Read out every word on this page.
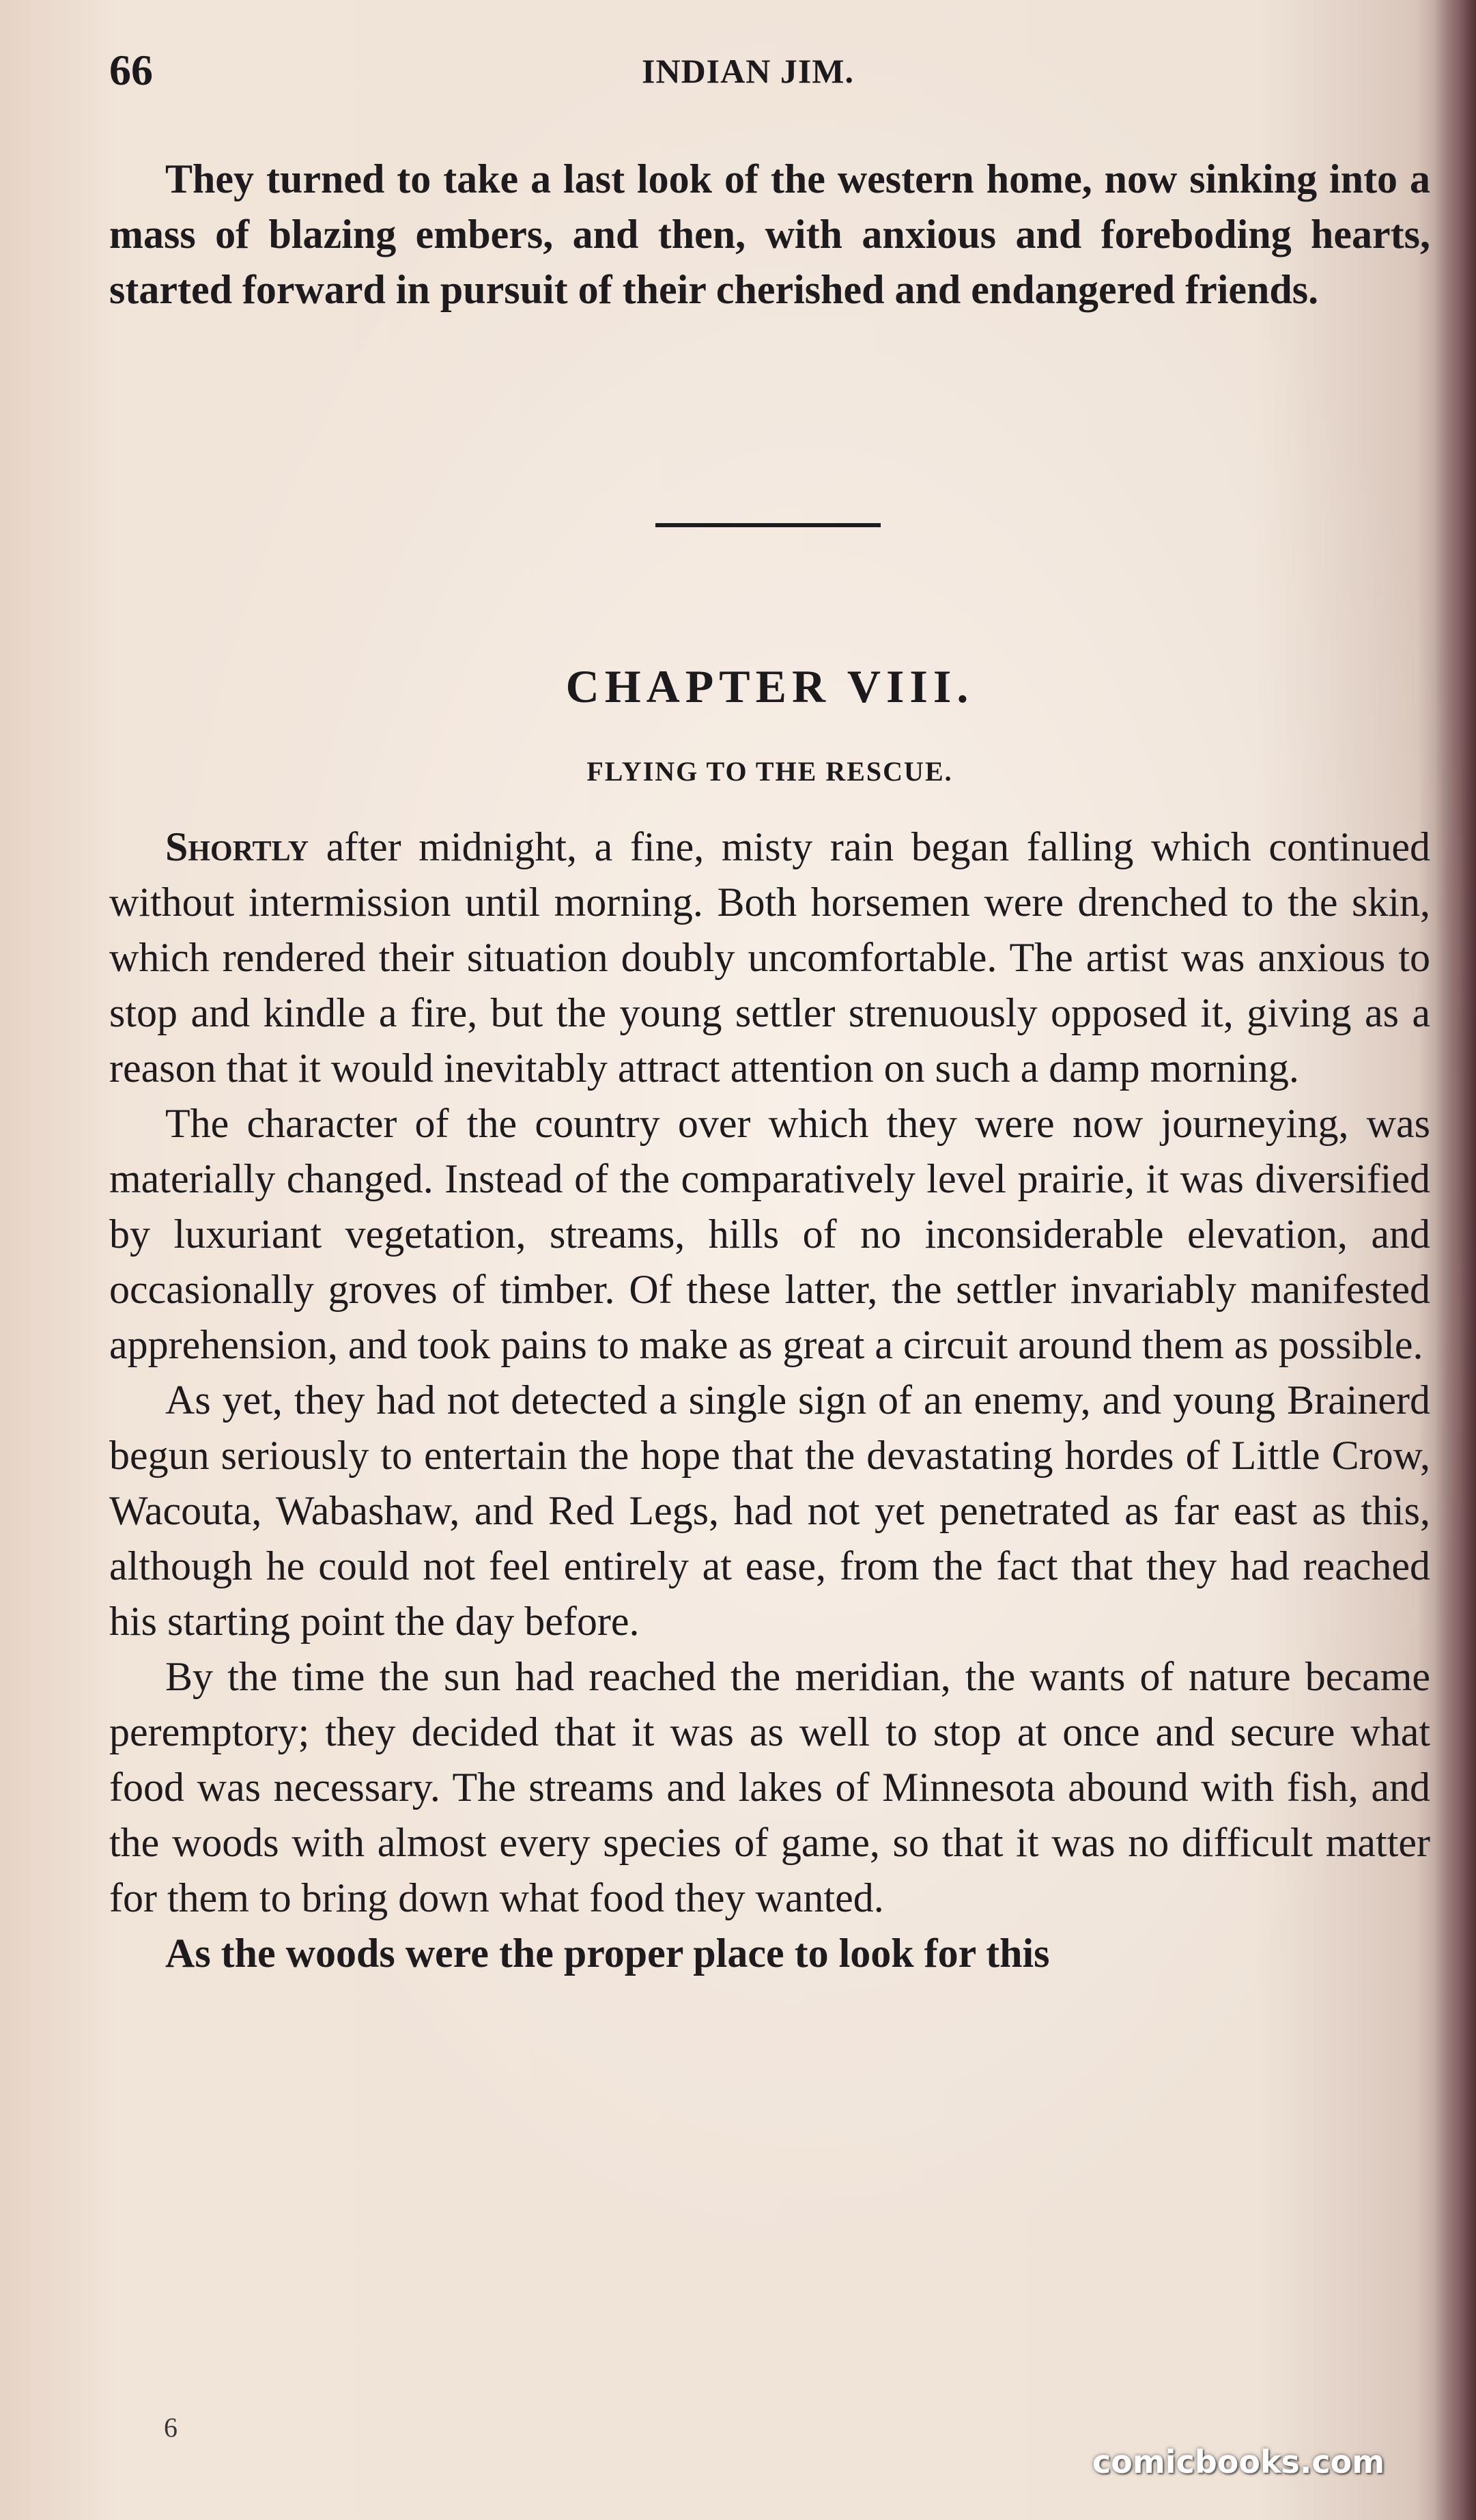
66	INDIAN JIM.

They turned to take a last look of the western home, now sinking into a mass of blazing embers, and then, with anxious and foreboding hearts, started forward in pursuit of their cherished and endangered friends.

CHAPTER VIII.
FLYING TO THE RESCUE.

Shortly after midnight, a fine, misty rain began falling which continued without intermission until morning. Both horsemen were drenched to the skin, which rendered their situation doubly uncomfortable. The artist was anxious to stop and kindle a fire, but the young settler strenuously opposed it, giving as a reason that it would inevitably attract attention on such a damp morning.

The character of the country over which they were now journeying, was materially changed. Instead of the comparatively level prairie, it was diversified by luxuriant vegetation, streams, hills of no inconsiderable elevation, and occasionally groves of timber. Of these latter, the settler invariably manifested apprehension, and took pains to make as great a circuit around them as possible.

As yet, they had not detected a single sign of an enemy, and young Brainerd begun seriously to entertain the hope that the devastating hordes of Little Crow, Wacouta, Wabashaw, and Red Legs, had not yet penetrated as far east as this, although he could not feel entirely at ease, from the fact that they had reached his starting point the day before.

By the time the sun had reached the meridian, the wants of nature became peremptory; they decided that it was as well to stop at once and secure what food was necessary. The streams and lakes of Minnesota abound with fish, and the woods with almost every species of game, so that it was no difficult matter for them to bring down what food they wanted.

As the woods were the proper place to look for this

6
comicbooks.com
